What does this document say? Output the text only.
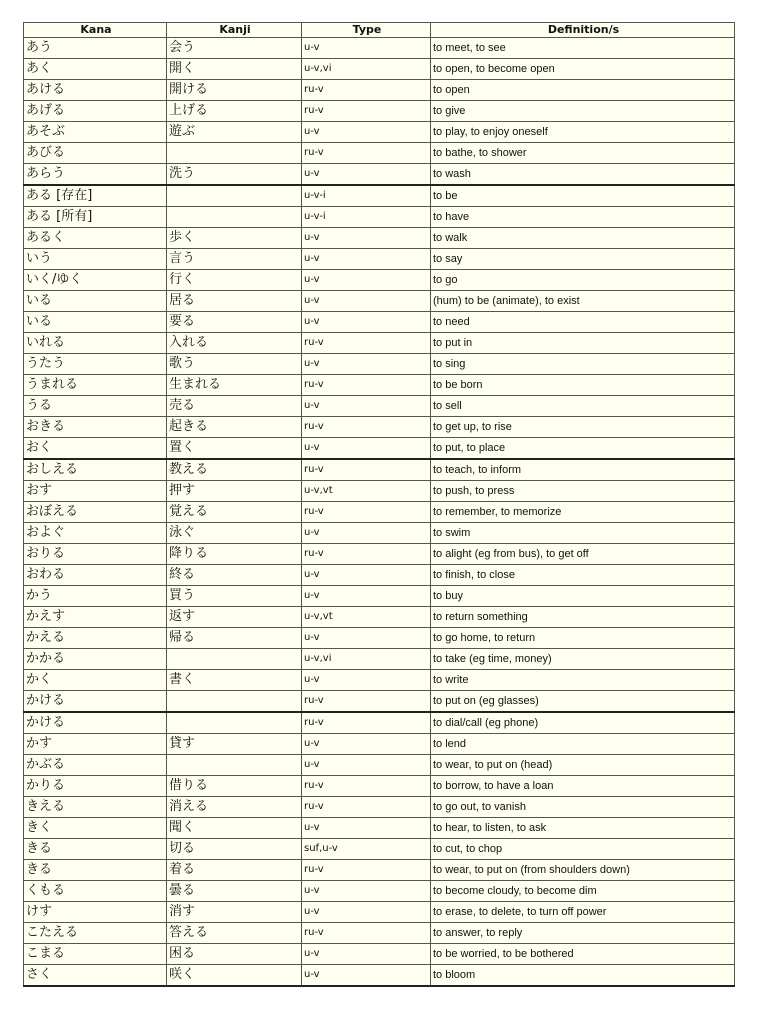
Kana	Kanji	Type	Definition/s
あう	会う	u-v	to meet, to see
あく	開く	u-v,vi	to open, to become open
あける	開ける	ru-v	to open
あげる	上げる	ru-v	to give
あそぶ	遊ぶ	u-v	to play, to enjoy oneself
あびる		ru-v	to bathe, to shower
あらう	洗う	u-v	to wash
ある [存在]		u-v-i	to be
ある [所有]		u-v-i	to have
あるく	歩く	u-v	to walk
いう	言う	u-v	to say
いく/ゆく	行く	u-v	to go
いる	居る	u-v	(hum) to be (animate), to exist
いる	要る	u-v	to need
いれる	入れる	ru-v	to put in
うたう	歌う	u-v	to sing
うまれる	生まれる	ru-v	to be born
うる	売る	u-v	to sell
おきる	起きる	ru-v	to get up, to rise
おく	置く	u-v	to put, to place
おしえる	教える	ru-v	to teach, to inform
おす	押す	u-v,vt	to push, to press
おぼえる	覚える	ru-v	to remember, to memorize
およぐ	泳ぐ	u-v	to swim
おりる	降りる	ru-v	to alight (eg from bus), to get off
おわる	終る	u-v	to finish, to close
かう	買う	u-v	to buy
かえす	返す	u-v,vt	to return something
かえる	帰る	u-v	to go home, to return
かかる		u-v,vi	to take (eg time, money)
かく	書く	u-v	to write
かける		ru-v	to put on (eg glasses)
かける		ru-v	to dial/call (eg phone)
かす	貸す	u-v	to lend
かぶる		u-v	to wear, to put on (head)
かりる	借りる	ru-v	to borrow, to have a loan
きえる	消える	ru-v	to go out, to vanish
きく	聞く	u-v	to hear, to listen, to ask
きる	切る	suf,u-v	to cut, to chop
きる	着る	ru-v	to wear, to put on (from shoulders down)
くもる	曇る	u-v	to become cloudy, to become dim
けす	消す	u-v	to erase, to delete, to turn off power
こたえる	答える	ru-v	to answer, to reply
こまる	困る	u-v	to be worried, to be bothered
さく	咲く	u-v	to bloom
